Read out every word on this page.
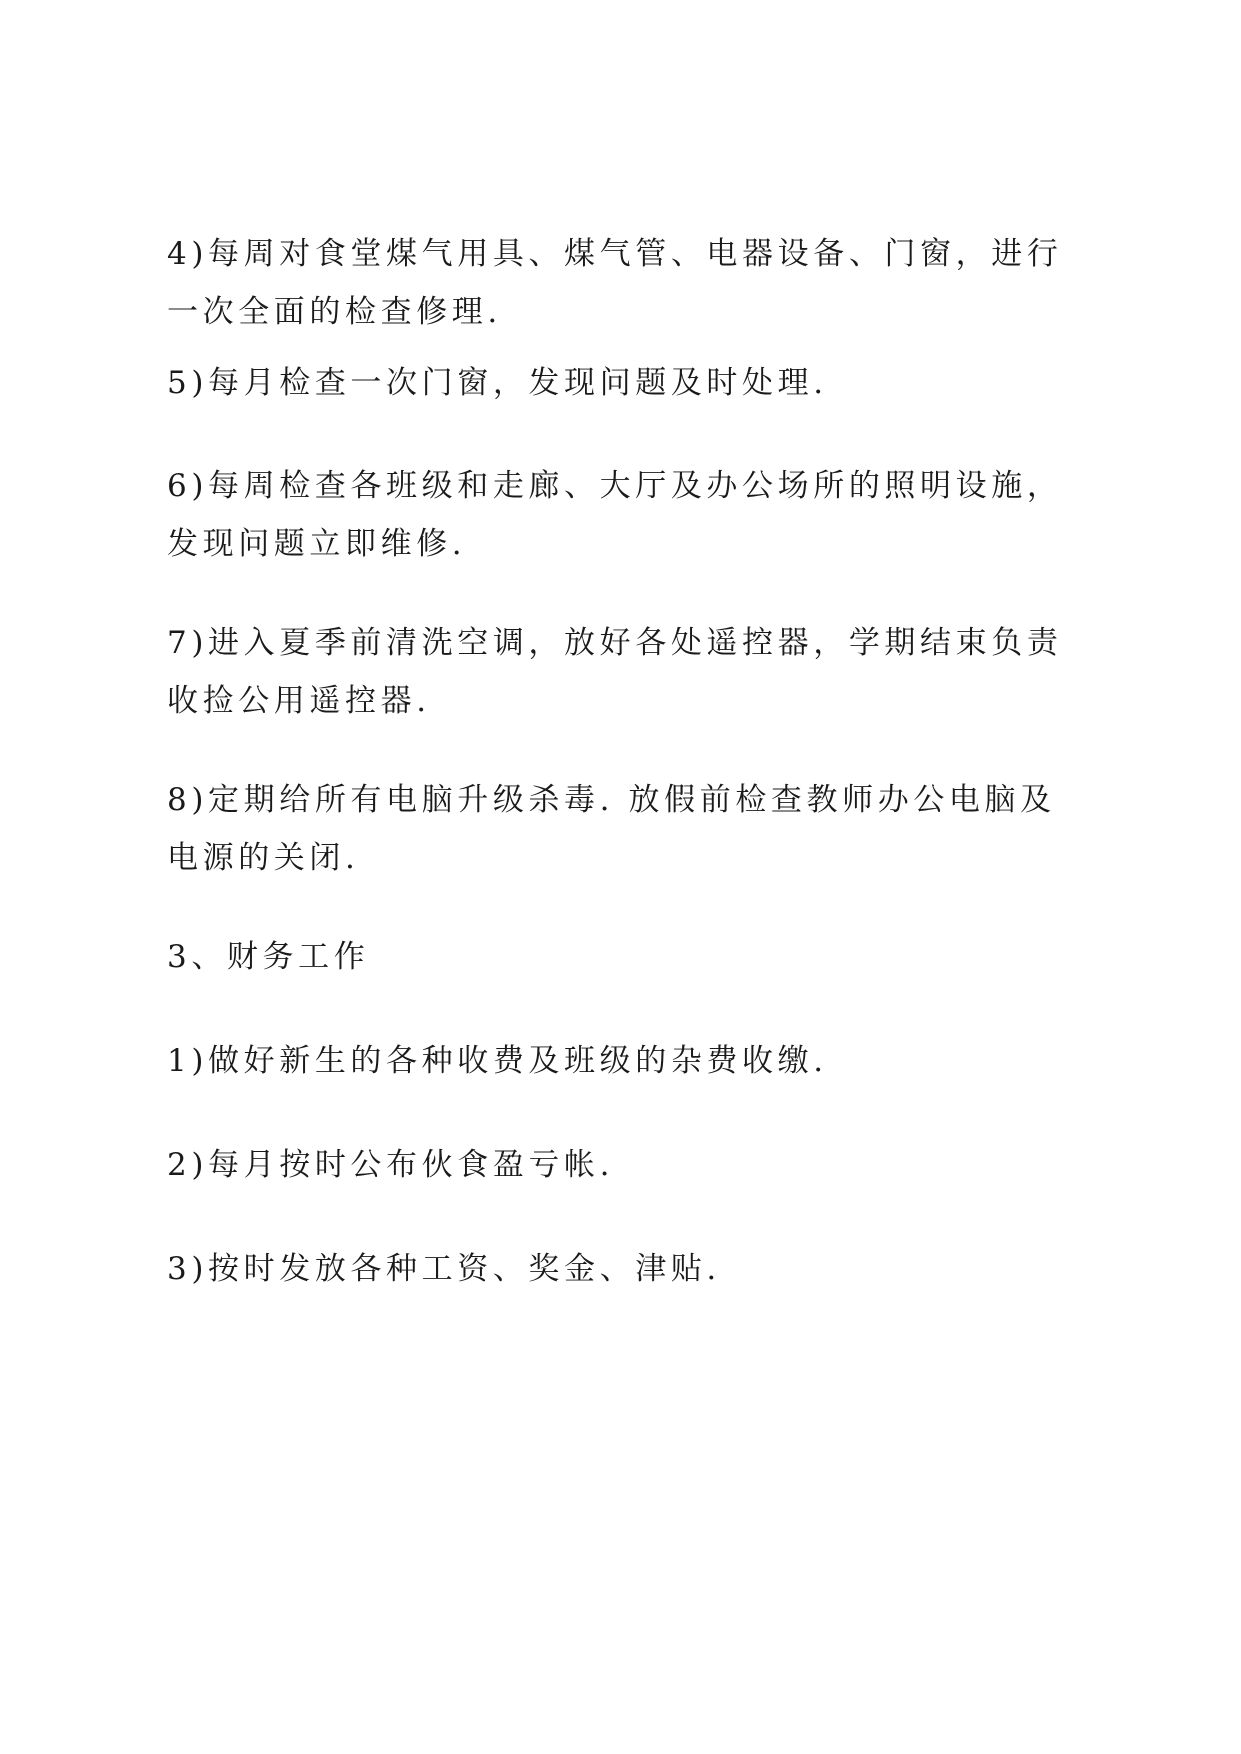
4)每周对食堂煤气用具、煤气管、电器设备、门窗，进行一次全面的检查修理.

5)每月检查一次门窗，发现问题及时处理.

6)每周检查各班级和走廊、大厅及办公场所的照明设施，发现问题立即维修.

7)进入夏季前清洗空调，放好各处遥控器，学期结束负责收捡公用遥控器.

8)定期给所有电脑升级杀毒. 放假前检查教师办公电脑及电源的关闭.

3、财务工作

1)做好新生的各种收费及班级的杂费收缴.

2)每月按时公布伙食盈亏帐.

3)按时发放各种工资、奖金、津贴.
